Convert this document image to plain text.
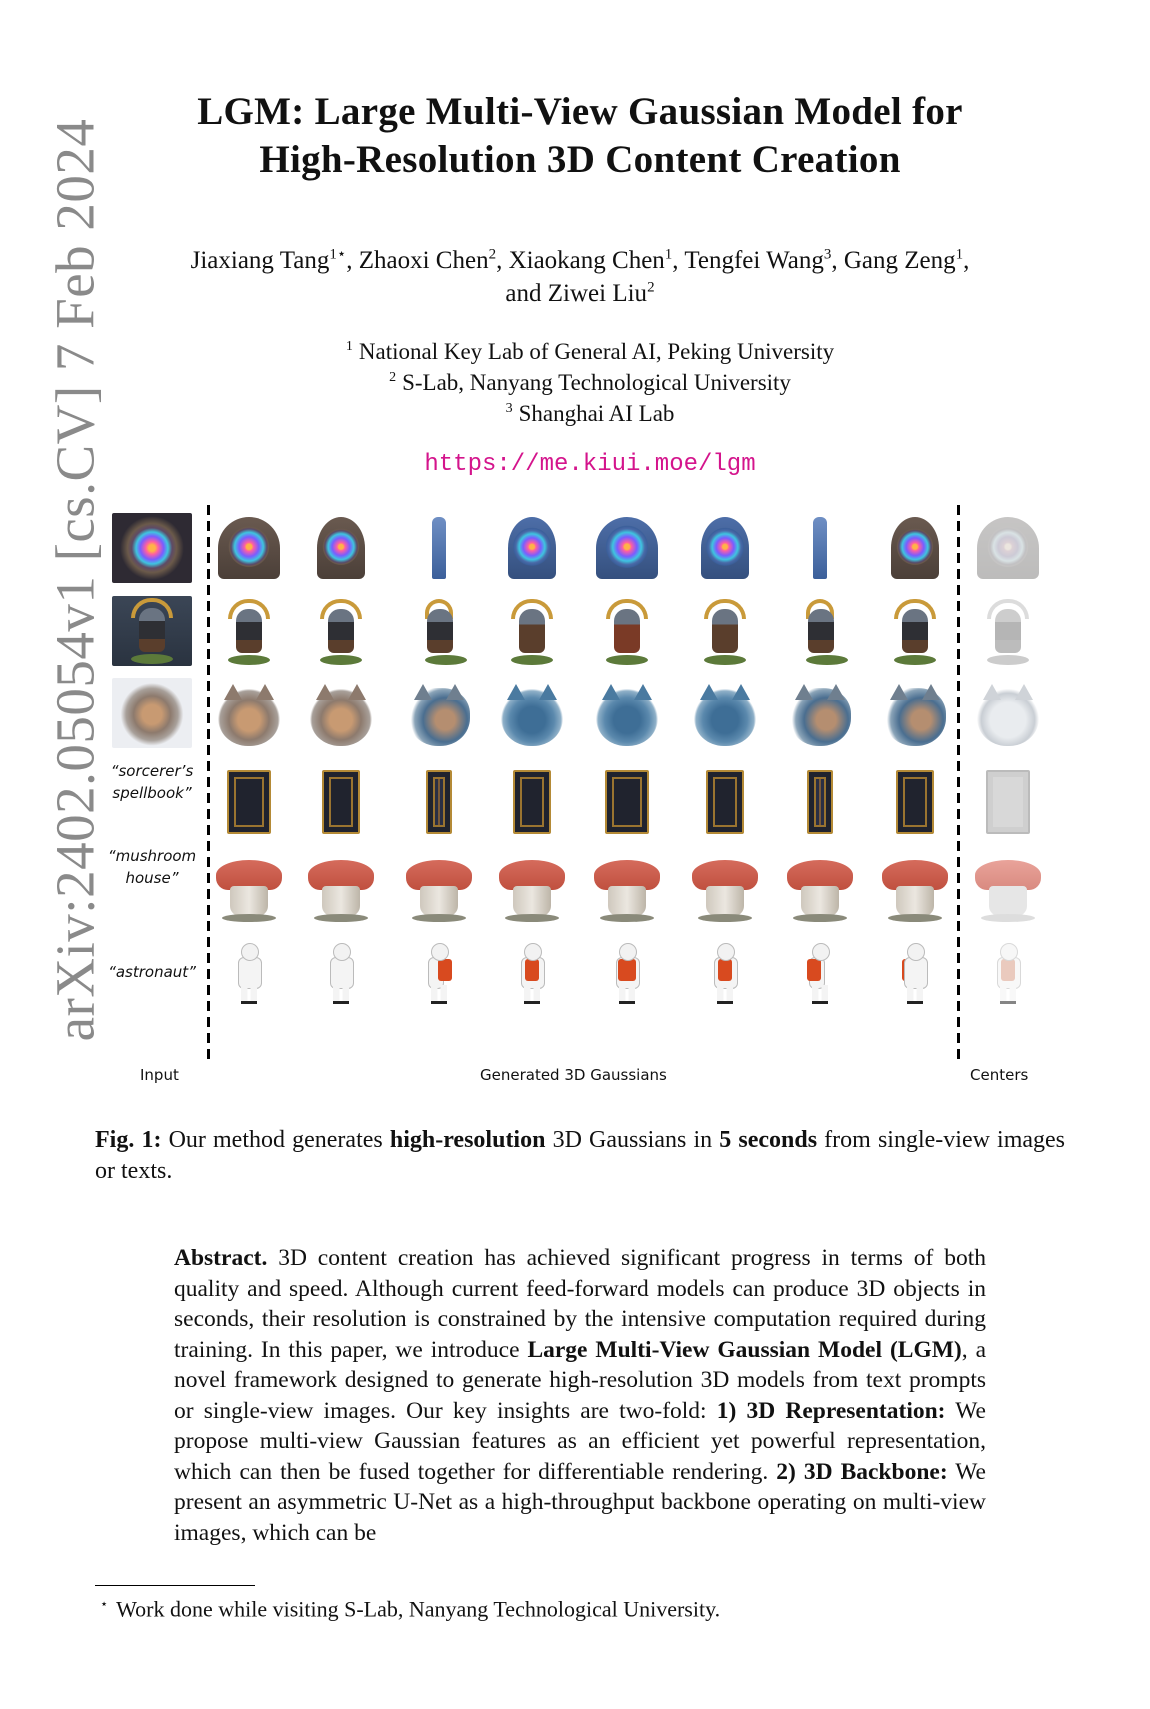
arXiv:2402.05054v1 [cs.CV] 7 Feb 2024
LGM: Large Multi-View Gaussian Model for
High-Resolution 3D Content Creation
Jiaxiang Tang$^{1⋆}$, Zhaoxi Chen$^2$, Xiaokang Chen$^1$, Tengfei Wang$^3$, Gang Zeng$^1$,
and Ziwei Liu$^2$
$^1$ National Key Lab of General AI, Peking University
$^2$ S-Lab, Nanyang Technological University
$^3$ Shanghai AI Lab
https://me.kiui.moe/lgm
“sorcerer’s
spellbook”
“mushroom
house”
“astronaut”
Input	Generated 3D Gaussians	Centers
Fig. 1: Our method generates high-resolution 3D Gaussians in 5 seconds from single-view images or texts.
Abstract. 3D content creation has achieved significant progress in terms of both quality and speed. Although current feed-forward models can produce 3D objects in seconds, their resolution is constrained by the intensive computation required during training. In this paper, we introduce Large Multi-View Gaussian Model (LGM), a novel framework designed to generate high-resolution 3D models from text prompts or single-view images. Our key insights are two-fold: 1) 3D Representation: We propose multi-view Gaussian features as an efficient yet powerful representation, which can then be fused together for differentiable rendering. 2) 3D Backbone: We present an asymmetric U-Net as a high-throughput backbone operating on multi-view images, which can be
⋆ Work done while visiting S-Lab, Nanyang Technological University.
